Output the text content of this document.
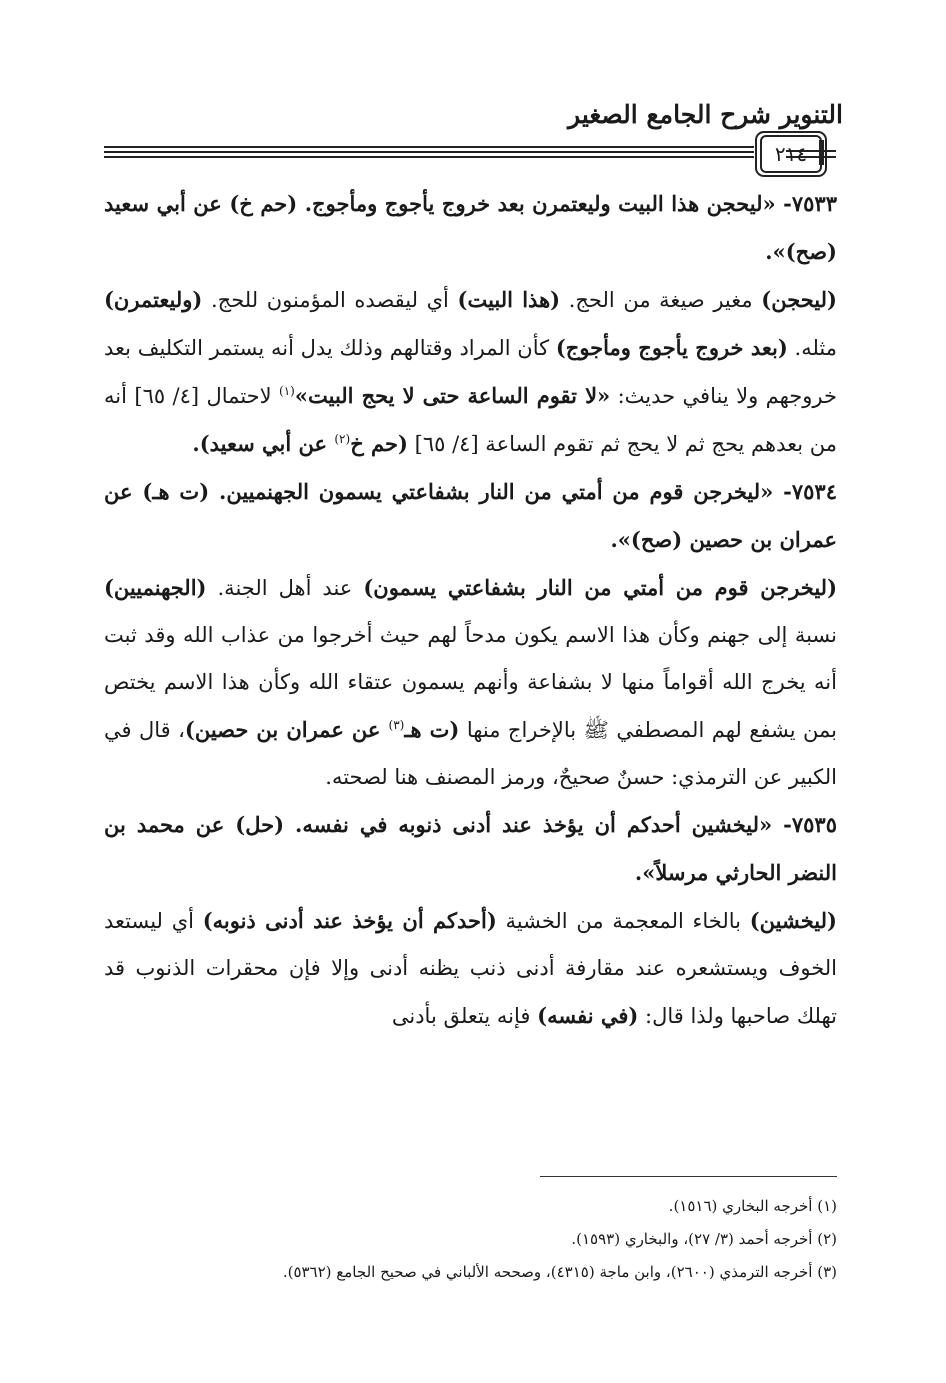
التنوير شرح الجامع الصغير
٢١٤

٧٥٣٣- «ليحجن هذا البيت وليعتمرن بعد خروج يأجوج ومأجوج. (حم خ) عن أبي سعيد (صح)».

(ليحجن) مغير صيغة من الحج. (هذا البيت) أي ليقصده المؤمنون للحج. (وليعتمرن) مثله. (بعد خروج يأجوج ومأجوج) كأن المراد وقتالهم وذلك يدل أنه يستمر التكليف بعد خروجهم ولا ينافي حديث: «لا تقوم الساعة حتى لا يحج البيت»$^{(١)}$ لاحتمال [٤/ ٦٥] أنه من بعدهم يحج ثم لا يحج ثم تقوم الساعة [٤/ ٦٥] (حم خ$^{(٢)}$ عن أبي سعيد).

٧٥٣٤- «ليخرجن قوم من أمتي من النار بشفاعتي يسمون الجهنميين. (ت هـ) عن عمران بن حصين (صح)».

(ليخرجن قوم من أمتي من النار بشفاعتي يسمون) عند أهل الجنة. (الجهنميين) نسبة إلى جهنم وكأن هذا الاسم يكون مدحاً لهم حيث أخرجوا من عذاب الله وقد ثبت أنه يخرج الله أقواماً منها لا بشفاعة وأنهم يسمون عتقاء الله وكأن هذا الاسم يختص بمن يشفع لهم المصطفي ﷺ بالإخراج منها (ت هـ$^{(٣)}$ عن عمران بن حصين)، قال في الكبير عن الترمذي: حسنٌ صحيحٌ، ورمز المصنف هنا لصحته.

٧٥٣٥- «ليخشين أحدكم أن يؤخذ عند أدنى ذنوبه في نفسه. (حل) عن محمد بن النضر الحارثي مرسلاً».

(ليخشين) بالخاء المعجمة من الخشية (أحدكم أن يؤخذ عند أدنى ذنوبه) أي ليستعد الخوف ويستشعره عند مقارفة أدنى ذنب يظنه أدنى وإلا فإن محقرات الذنوب قد تهلك صاحبها ولذا قال: (في نفسه) فإنه يتعلق بأدنى

(١) أخرجه البخاري (١٥١٦).

(٢) أخرجه أحمد (٣/ ٢٧)، والبخاري (١٥٩٣).

(٣) أخرجه الترمذي (٢٦٠٠)، وابن ماجة (٤٣١٥)، وصححه الألباني في صحيح الجامع (٥٣٦٢).
